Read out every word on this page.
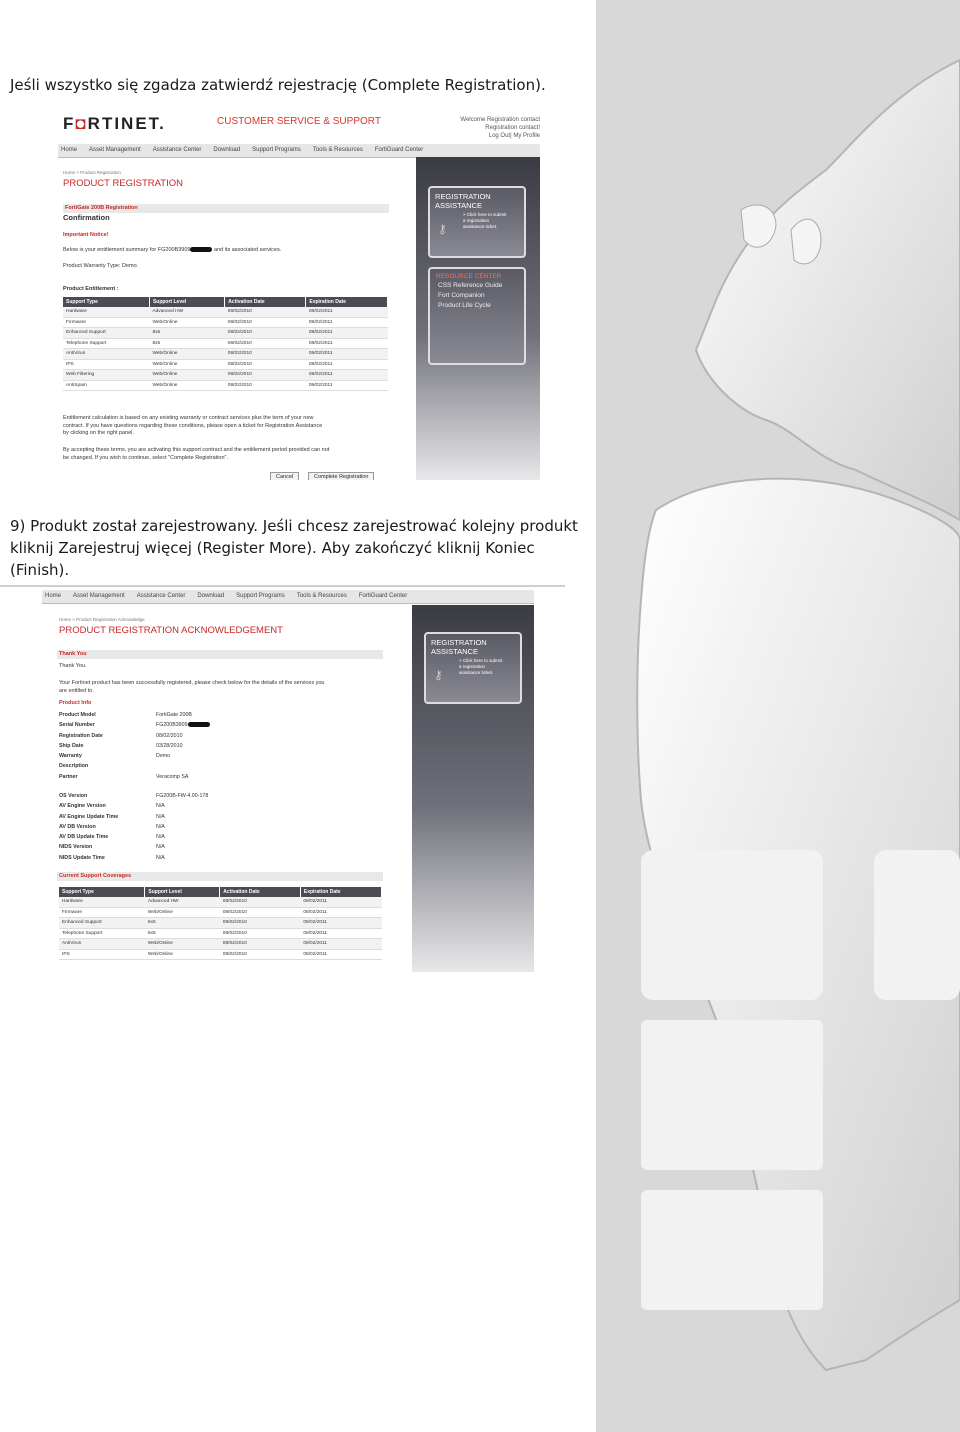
Jeśli wszystko się zgadza zatwierdź rejestrację (Complete Registration).

F◘RTINET.	CUSTOMER SERVICE & SUPPORT	Welcome Registration contact
Registration contact!
Log Out| My Profile
Home Asset Management Assistance Center Download Support Programs Tools & Resources FortiGuard Center
Home > Product Registration
PRODUCT REGISTRATION
FortiGate 200B Registration
Confirmation
Important Notice!
Below is your entitlement summary for FG200B3909	and its associated services.
Product Warranty Type: Demo.
Product Entitlement :
Support Type	Support Level	Activation Date	Expiration Date
Hardware	Advanced HW	08/02/2010	08/02/2011
Firmware	Web/Online	08/02/2010	08/02/2011
Enhanced Support	8x5	08/02/2010	08/02/2011
Telephone Support	8x5	08/02/2010	08/02/2011
AntiVirus	Web/Online	08/02/2010	08/02/2011
IPS	Web/Online	08/02/2010	08/02/2011
Web Filtering	Web/Online	08/02/2010	08/02/2011
AntiSpam	Web/Online	08/02/2010	08/02/2011
Entitlement calculation is based on any existing warranty or contract services plus the term of your new
contract. If you have questions regarding these conditions, please open a ticket for Registration Assistance
by clicking on the right panel.
By accepting these terms, you are activating this support contract and the entitlement period provided can not
be changed. If you wish to continue, select "Complete Registration".
Cancel	Complete Registration
REGISTRATION
ASSISTANCE
⚷
> Click here to submit
a registration
assistance ticket.
RESOURCE CENTER
CSS Reference Guide
Fort Companion
Product Life Cycle

9) Produkt został zarejestrowany. Jeśli chcesz zarejestrować kolejny produkt kliknij Zarejestruj więcej (Register More). Aby zakończyć kliknij Koniec (Finish).

Home Asset Management Assistance Center Download Support Programs Tools & Resources FortiGuard Center
Home > Product Registration Acknowledge
PRODUCT REGISTRATION ACKNOWLEDGEMENT
Thank You
Thank You.
Your Fortinet product has been successfully registered, please check below for the details of the services you
are entitled to.
Product Info
Product Model	FortiGate 200B
Serial Number	FG200B3909
Registration Date	08/02/2010
Ship Date	03/28/2010
Warranty	Demo
Description
Partner	Veracomp SA
OS Version	FG200B-FW-4.00-178
AV Engine Version	N/A
AV Engine Update Time	N/A
AV DB Version	N/A
AV DB Update Time	N/A
NIDS Version	N/A
NIDS Update Time	N/A
Current Support Coverages
Support Type	Support Level	Activation Date	Expiration Date
Hardware	Advanced HW	08/02/2010	08/02/2011
Firmware	Web/Online	08/02/2010	08/02/2011
Enhanced Support	8x5	08/02/2010	08/02/2011
Telephone Support	8x5	08/02/2010	08/02/2011
AntiVirus	Web/Online	08/02/2010	08/02/2011
IPS	Web/Online	08/02/2010	08/02/2011
REGISTRATION
ASSISTANCE
⚷
> Click here to submit
a registration
assistance ticket.
